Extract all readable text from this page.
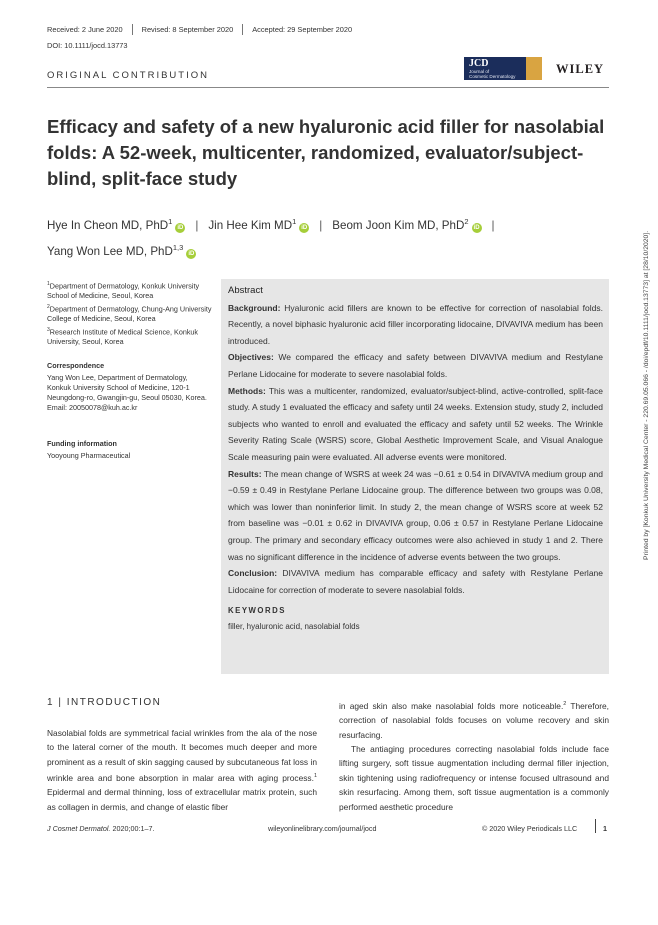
Received: 2 June 2020	Revised: 8 September 2020	Accepted: 29 September 2020
DOI: 10.1111/jocd.13773
ORIGINAL CONTRIBUTION
JCD
Journal of
Cosmetic Dermatology
WILEY
Efficacy and safety of a new hyaluronic acid filler for nasolabial folds: A 52-week, multicenter, randomized, evaluator/subject-blind, split-face study
Hye In Cheon MD, PhD$^1$iD | Jin Hee Kim $MD^1iD$ | Beom Joon Kim MD, PhD$^2$iD |
Yang Won Lee MD, PhD$^{1,3}$iD

$^1$Department of Dermatology, Konkuk University School of Medicine, Seoul, Korea

$^2$Department of Dermatology, Chung-Ang University College of Medicine, Seoul, Korea

$^3$Research Institute of Medical Science, Konkuk University, Seoul, Korea

Correspondence

Yang Won Lee, Department of Dermatology, Konkuk University School of Medicine, 120-1 Neungdong-ro, Gwangjin-gu, Seoul 05030, Korea.

Email: 20050078@kuh.ac.kr

Funding information

Yooyoung Pharmaceutical

Abstract

Background: Hyaluronic acid fillers are known to be effective for correction of nasolabial folds. Recently, a novel biphasic hyaluronic acid filler incorporating lidocaine, DIVAVIVA medium has been introduced.

Objectives: We compared the efficacy and safety between DIVAVIVA medium and Restylane Perlane Lidocaine for moderate to severe nasolabial folds.

Methods: This was a multicenter, randomized, evaluator/subject-blind, active-controlled, split-face study. A study 1 evaluated the efficacy and safety until 24 weeks. Extension study, study 2, included subjects who wanted to enroll and evaluated the efficacy and safety until 52 weeks. The Wrinkle Severity Rating Scale (WSRS) score, Global Aesthetic Improvement Scale, and Visual Analogue Scale measuring pain were evaluated. All adverse events were monitored.

Results: The mean change of WSRS at week 24 was −0.61 ± 0.54 in DIVAVIVA medium group and −0.59 ± 0.49 in Restylane Perlane Lidocaine group. The difference between two groups was 0.08, which was lower than noninferior limit. In study 2, the mean change of WSRS score at week 52 from baseline was −0.01 ± 0.62 in DIVAVIVA group, 0.06 ± 0.57 in Restylane Perlane Lidocaine group. The primary and secondary efficacy outcomes were also achieved in study 1 and 2. There was no significant difference in the incidence of adverse events between the two groups.

Conclusion: DIVAVIVA medium has comparable efficacy and safety with Restylane Perlane Lidocaine for correction of moderate to severe nasolabial folds.

KEYWORDS

filler, hyaluronic acid, nasolabial folds

1 | INTRODUCTION

Nasolabial folds are symmetrical facial wrinkles from the ala of the nose to the lateral corner of the mouth. It becomes much deeper and more prominent as a result of skin sagging caused by subcutaneous fat loss in wrinkle area and bone absorption in malar area with aging process.$^1$ Epidermal and dermal thinning, loss of extracellular matrix protein, such as collagen in dermis, and change of elastic fiber

in aged skin also make nasolabial folds more noticeable.$^2$ Therefore, correction of nasolabial folds focuses on volume recovery and skin resurfacing.

The antiaging procedures correcting nasolabial folds include face lifting surgery, soft tissue augmentation including dermal filler injection, skin tightening using radiofrequency or intense focused ultrasound and skin resurfacing. Among them, soft tissue augmentation is a commonly performed aesthetic procedure

J Cosmet Dermatol. 2020;00:1–7.	wileyonlinelibrary.com/journal/jocd	© 2020 Wiley Periodicals LLC	1
Printed by [Konkuk University Medical Center - 220.69.05.066 - /doi/epdf/10.1111/jocd.13773] at [28/10/2020].
